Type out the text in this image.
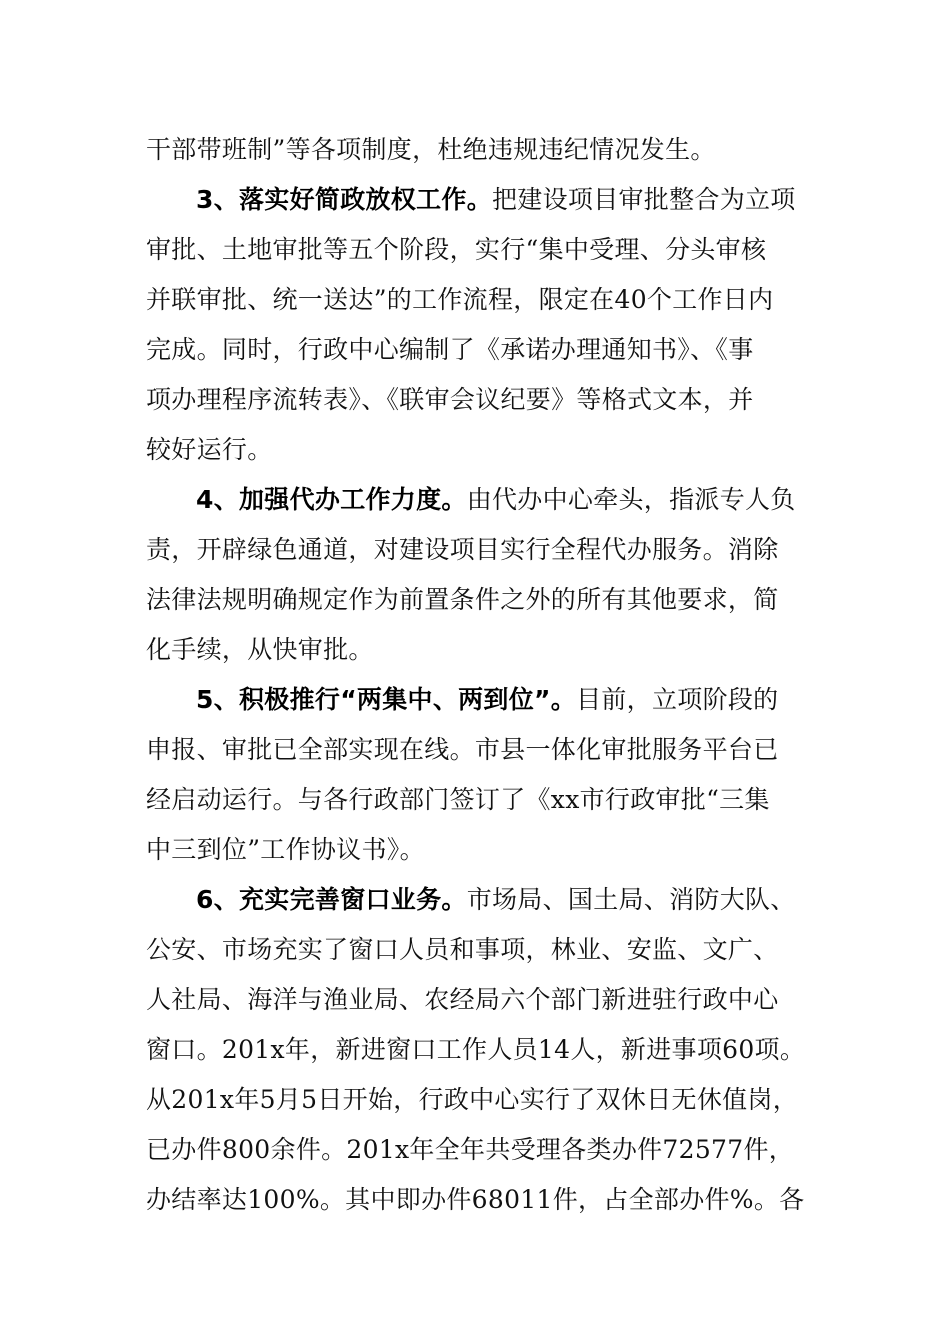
干部带班制”等各项制度，杜绝违规违纪情况发生。
3、落实好简政放权工作。把建设项目审批整合为立项
审批、土地审批等五个阶段，实行“集中受理、分头审核
并联审批、统一送达”的工作流程，限定在40个工作日内
完成。同时，行政中心编制了《承诺办理通知书》、《事
项办理程序流转表》、《联审会议纪要》等格式文本，并
较好运行。
4、加强代办工作力度。由代办中心牵头，指派专人负
责，开辟绿色通道，对建设项目实行全程代办服务。消除
法律法规明确规定作为前置条件之外的所有其他要求，简
化手续，从快审批。
5、积极推行“两集中、两到位”。目前，立项阶段的
申报、审批已全部实现在线。市县一体化审批服务平台已
经启动运行。与各行政部门签订了《xx市行政审批“三集
中三到位”工作协议书》。
6、充实完善窗口业务。市场局、国土局、消防大队、
公安、市场充实了窗口人员和事项，林业、安监、文广、
人社局、海洋与渔业局、农经局六个部门新进驻行政中心
窗口。201x年，新进窗口工作人员14人，新进事项60项。
从201x年5月5日开始，行政中心实行了双休日无休值岗，
已办件800余件。201x年全年共受理各类办件72577件，
办结率达100%。其中即办件68011件，占全部办件%。各
